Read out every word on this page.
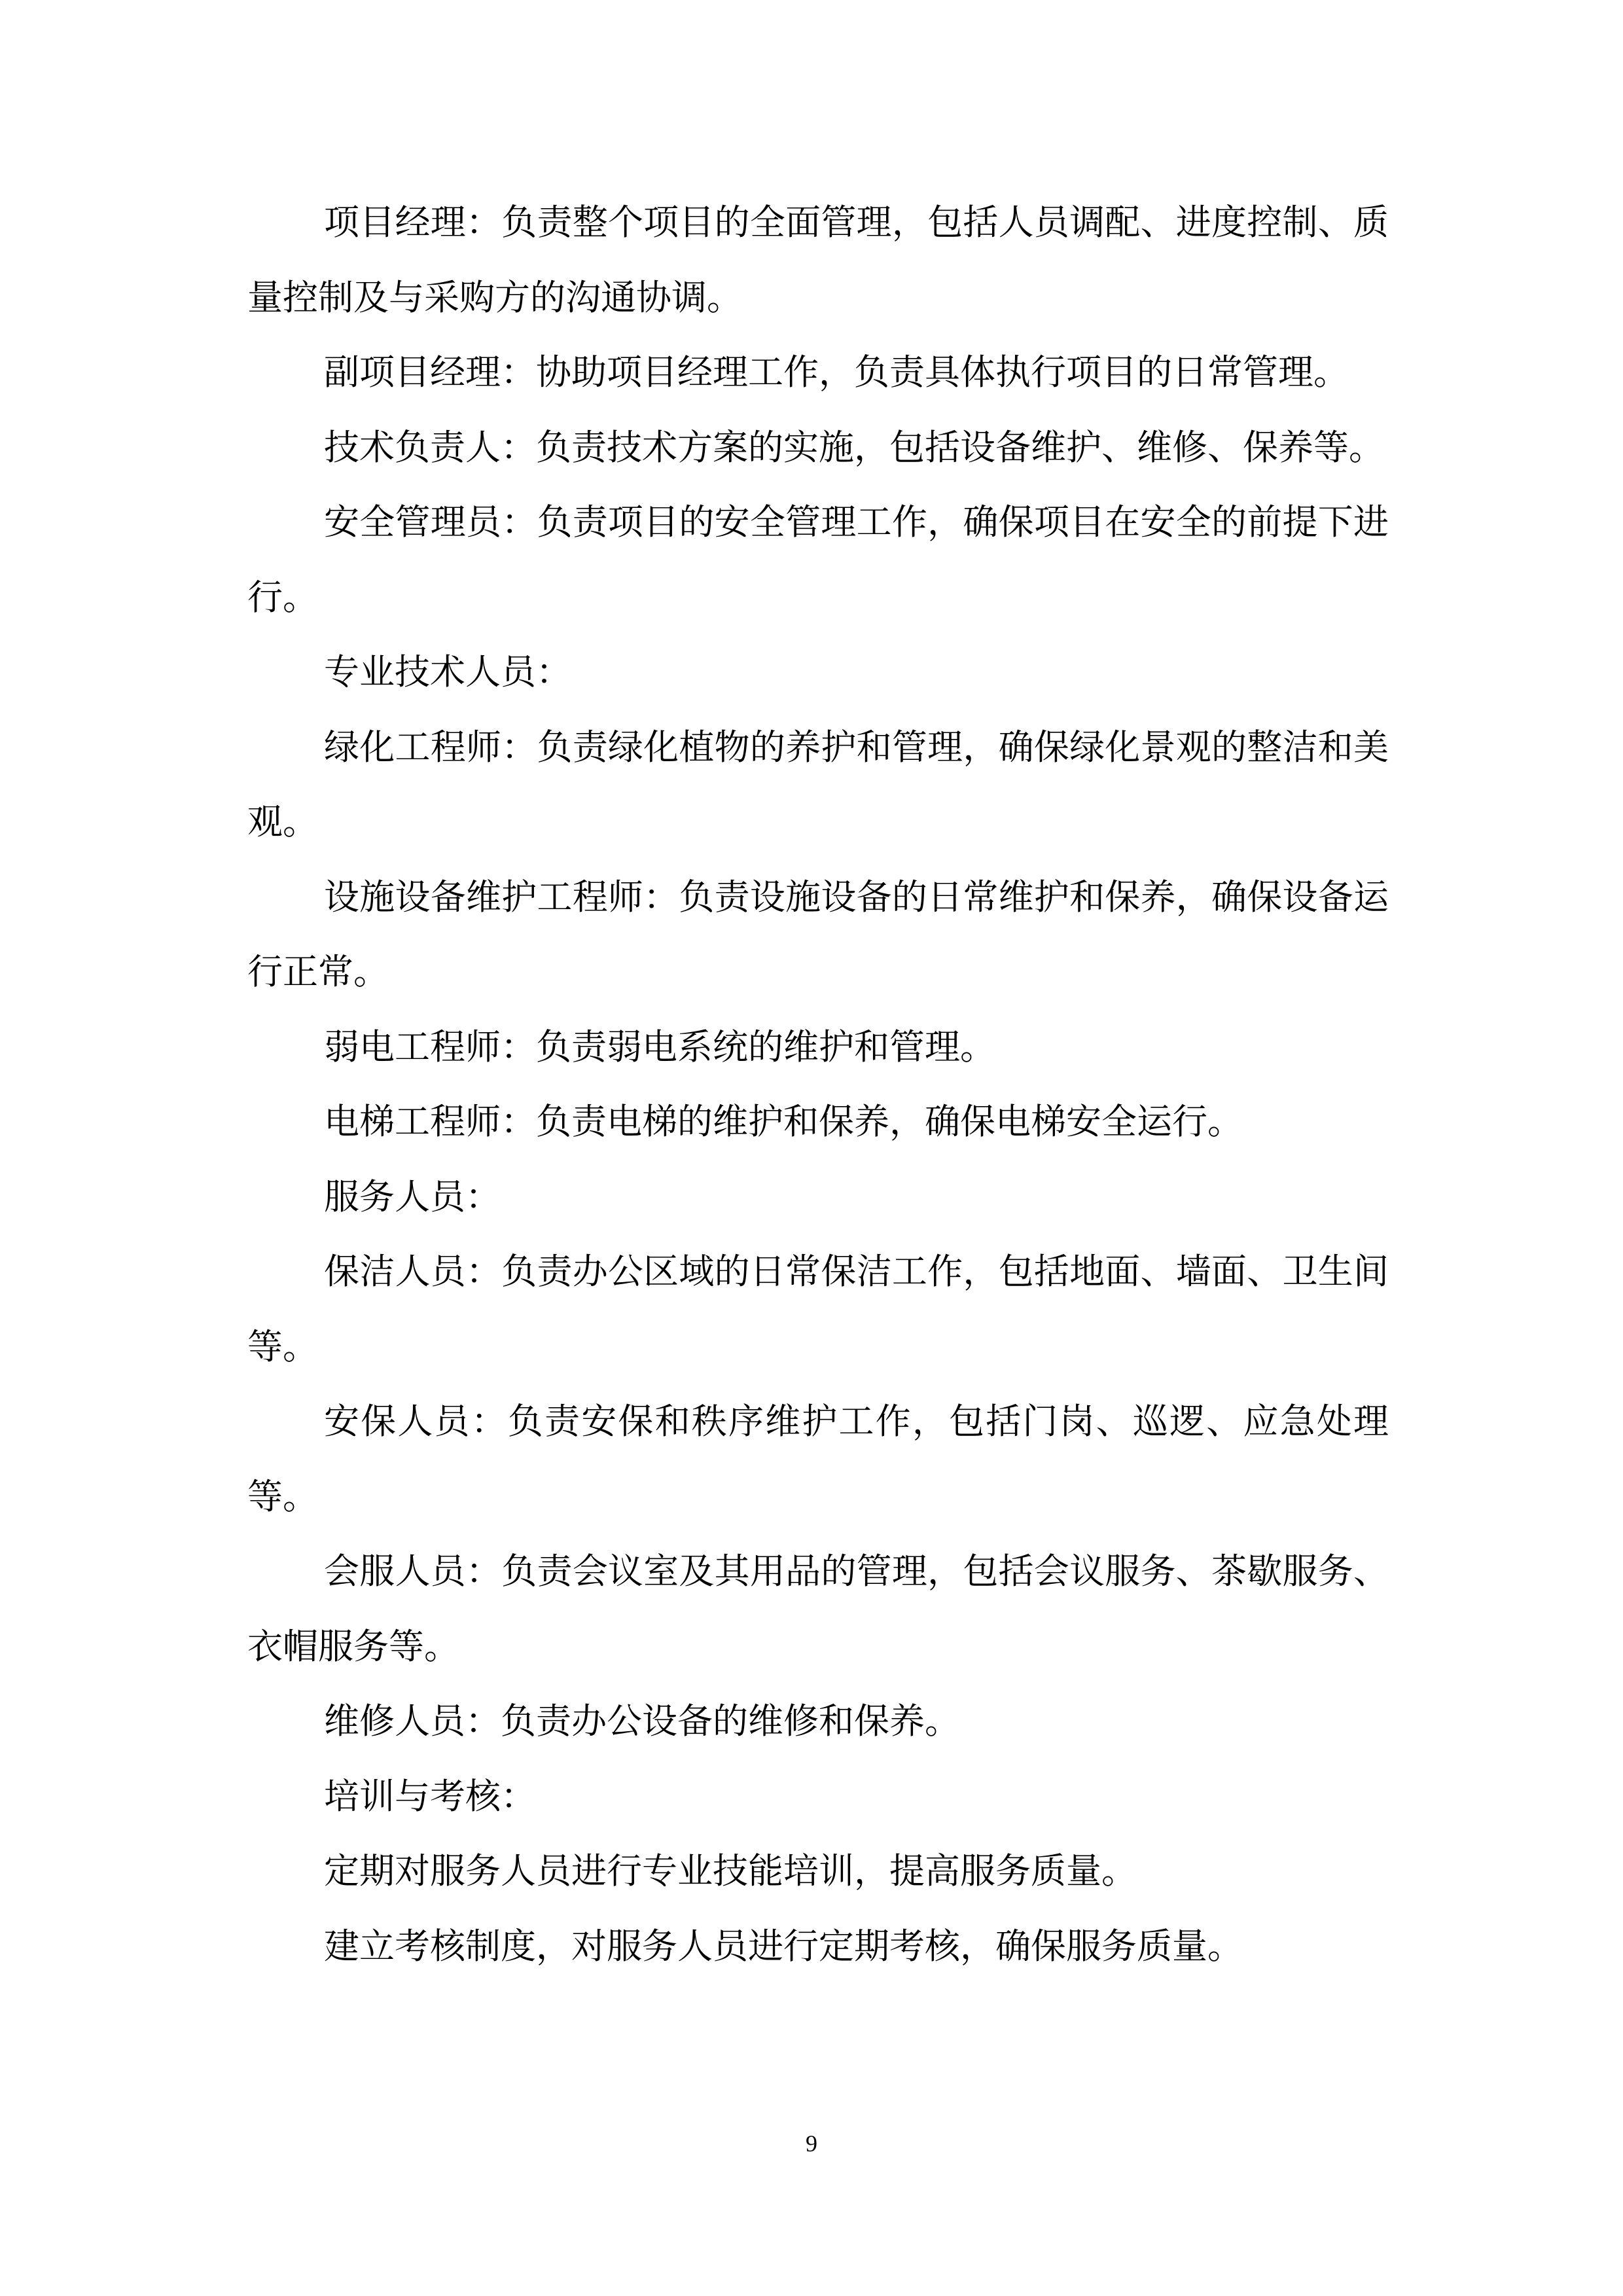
项目经理：负责整个项目的全面管理，包括人员调配、进度控制、质量控制及与采购方的沟通协调。

副项目经理：协助项目经理工作，负责具体执行项目的日常管理。

技术负责人：负责技术方案的实施，包括设备维护、维修、保养等。

安全管理员：负责项目的安全管理工作，确保项目在安全的前提下进行。

专业技术人员：

绿化工程师：负责绿化植物的养护和管理，确保绿化景观的整洁和美观。

设施设备维护工程师：负责设施设备的日常维护和保养，确保设备运行正常。

弱电工程师：负责弱电系统的维护和管理。

电梯工程师：负责电梯的维护和保养，确保电梯安全运行。

服务人员：

保洁人员：负责办公区域的日常保洁工作，包括地面、墙面、卫生间等。

安保人员：负责安保和秩序维护工作，包括门岗、巡逻、应急处理等。

会服人员：负责会议室及其用品的管理，包括会议服务、茶歇服务、衣帽服务等。

维修人员：负责办公设备的维修和保养。

培训与考核：

定期对服务人员进行专业技能培训，提高服务质量。

建立考核制度，对服务人员进行定期考核，确保服务质量。

9
